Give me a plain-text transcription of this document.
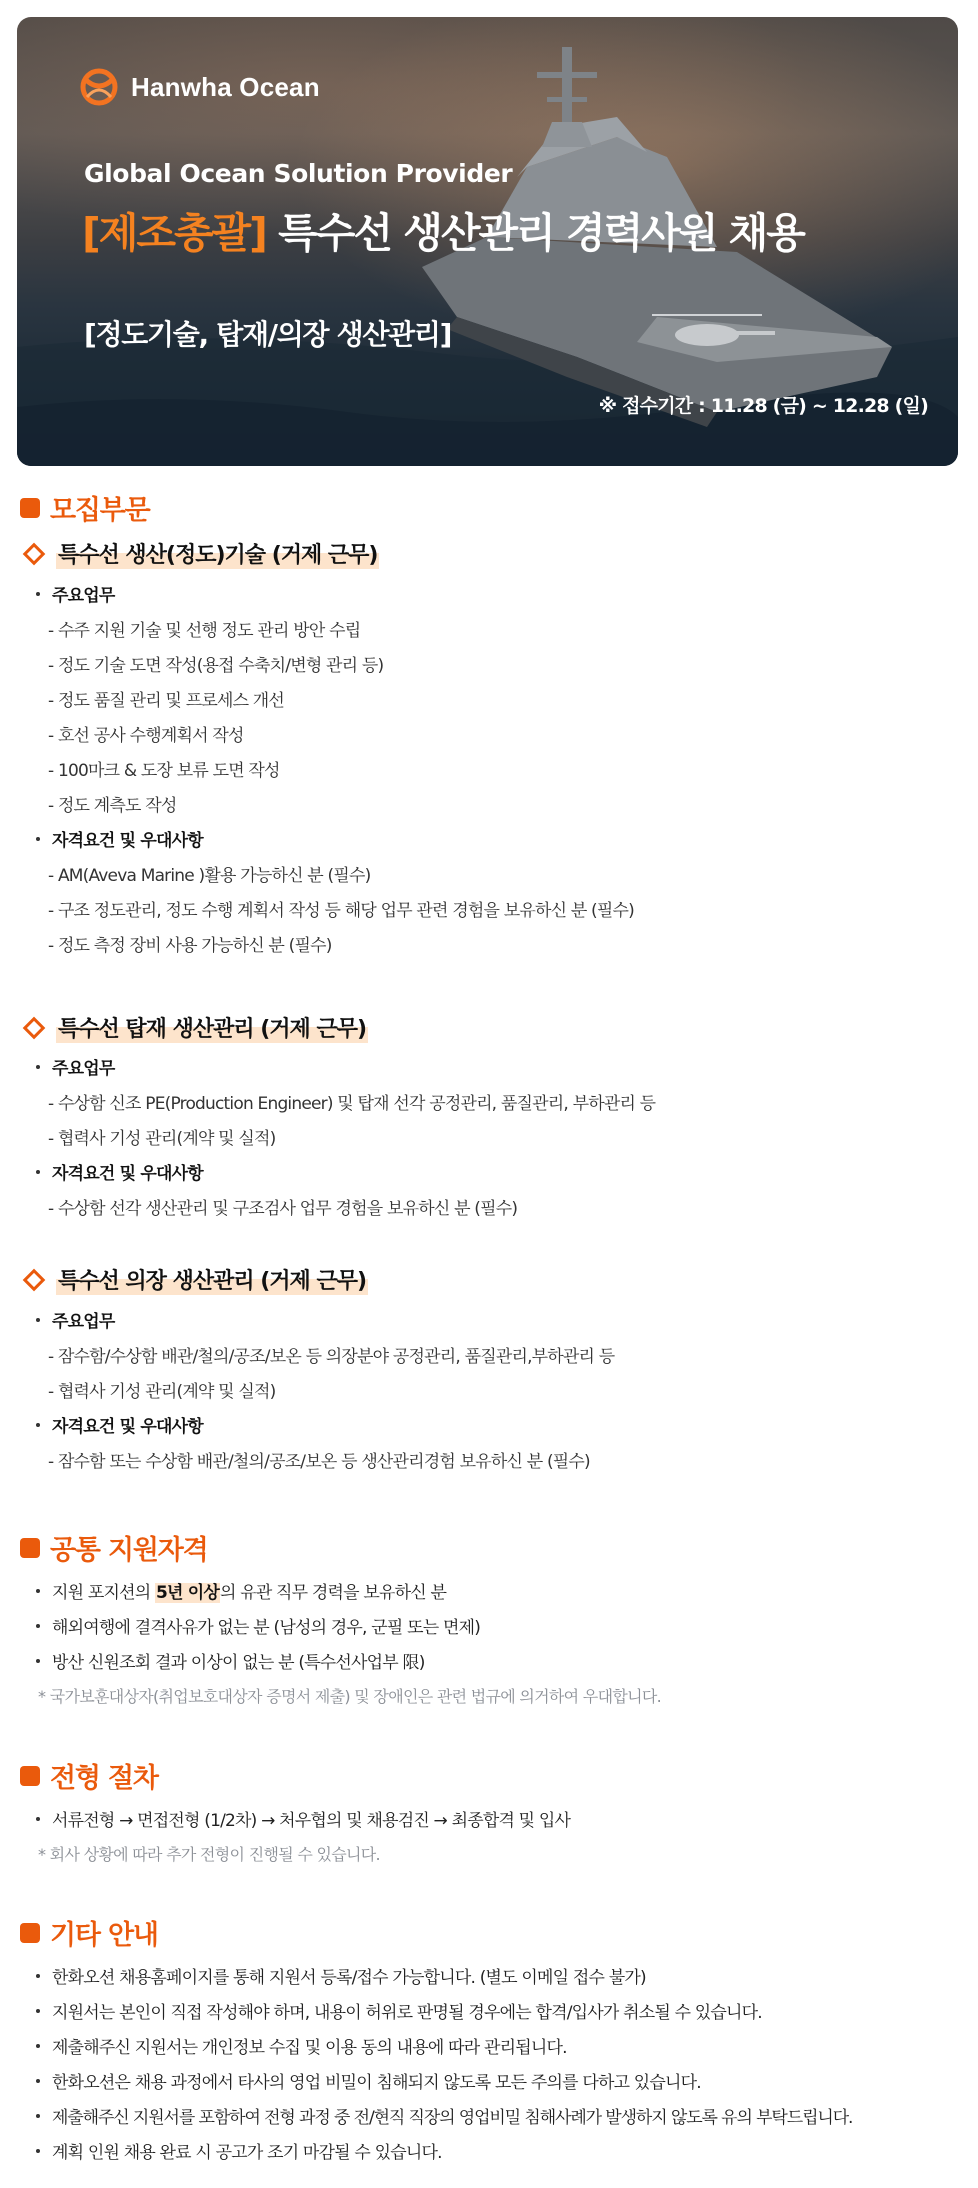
Hanwha Ocean
Global Ocean Solution Provider
[제조총괄] 특수선 생산관리 경력사원 채용
[정도기술, 탑재/의장 생산관리]
※ 접수기간 : 11.28 (금) ~ 12.28 (일)
모집부문
특수선 생산(정도)기술 (거제 근무)
주요업무
- 수주 지원 기술 및 선행 정도 관리 방안 수립
- 정도 기술 도면 작성(용접 수축치/변형 관리 등)
- 정도 품질 관리 및 프로세스 개선
- 호선 공사 수행계획서 작성
- 100마크 & 도장 보류 도면 작성
- 정도 계측도 작성
자격요건 및 우대사항
- AM(Aveva Marine )활용 가능하신 분 (필수)
- 구조 정도관리, 정도 수행 계획서 작성 등 해당 업무 관련 경험을 보유하신 분 (필수)
- 정도 측정 장비 사용 가능하신 분 (필수)
특수선 탑재 생산관리 (거제 근무)
주요업무
- 수상함 신조 PE(Production Engineer) 및 탑재 선각 공정관리, 품질관리, 부하관리 등
- 협력사 기성 관리(계약 및 실적)
자격요건 및 우대사항
- 수상함 선각 생산관리 및 구조검사 업무 경험을 보유하신 분 (필수)
특수선 의장 생산관리 (거제 근무)
주요업무
- 잠수함/수상함 배관/철의/공조/보온 등 의장분야 공정관리, 품질관리,부하관리 등
- 협력사 기성 관리(계약 및 실적)
자격요건 및 우대사항
- 잠수함 또는 수상함 배관/철의/공조/보온 등 생산관리경험 보유하신 분 (필수)
공통 지원자격
지원 포지션의 5년 이상의 유관 직무 경력을 보유하신 분
해외여행에 결격사유가 없는 분 (남성의 경우, 군필 또는 면제)
방산 신원조회 결과 이상이 없는 분 (특수선사업부 限)
* 국가보훈대상자(취업보호대상자 증명서 제출) 및 장애인은 관련 법규에 의거하여 우대합니다.
전형 절차
서류전형 → 면접전형 (1/2차) → 처우협의 및 채용검진 → 최종합격 및 입사
* 회사 상황에 따라 추가 전형이 진행될 수 있습니다.
기타 안내
한화오션 채용홈페이지를 통해 지원서 등록/접수 가능합니다. (별도 이메일 접수 불가)
지원서는 본인이 직접 작성해야 하며, 내용이 허위로 판명될 경우에는 합격/입사가 취소될 수 있습니다.
제출해주신 지원서는 개인정보 수집 및 이용 동의 내용에 따라 관리됩니다.
한화오션은 채용 과정에서 타사의 영업 비밀이 침해되지 않도록 모든 주의를 다하고 있습니다.
제출해주신 지원서를 포함하여 전형 과정 중 전/현직 직장의 영업비밀 침해사례가 발생하지 않도록 유의 부탁드립니다.
계획 인원 채용 완료 시 공고가 조기 마감될 수 있습니다.
